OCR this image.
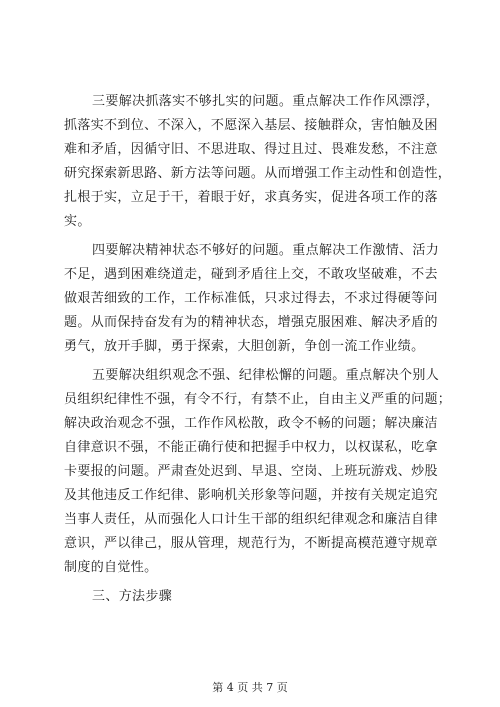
三要解决抓落实不够扎实的问题。重点解决工作作风漂浮，
抓落实不到位、不深入，不愿深入基层、接触群众，害怕触及困
难和矛盾，因循守旧、不思进取、得过且过、畏难发愁，不注意
研究探索新思路、新方法等问题。从而增强工作主动性和创造性，
扎根于实，立足于干，着眼于好，求真务实，促进各项工作的落
实。
四要解决精神状态不够好的问题。重点解决工作激情、活力
不足，遇到困难绕道走，碰到矛盾往上交，不敢攻坚破难，不去
做艰苦细致的工作，工作标准低，只求过得去，不求过得硬等问
题。从而保持奋发有为的精神状态，增强克服困难、解决矛盾的
勇气，放开手脚，勇于探索，大胆创新，争创一流工作业绩。
五要解决组织观念不强、纪律松懈的问题。重点解决个别人
员组织纪律性不强，有令不行，有禁不止，自由主义严重的问题；
解决政治观念不强，工作作风松散，政令不畅的问题；解决廉洁
自律意识不强，不能正确行使和把握手中权力，以权谋私，吃拿
卡要报的问题。严肃查处迟到、早退、空岗、上班玩游戏、炒股
及其他违反工作纪律、影响机关形象等问题，并按有关规定追究
当事人责任，从而强化人口计生干部的组织纪律观念和廉洁自律
意识，严以律己，服从管理，规范行为，不断提高模范遵守规章
制度的自觉性。
三、方法步骤
第 4 页 共 7 页
